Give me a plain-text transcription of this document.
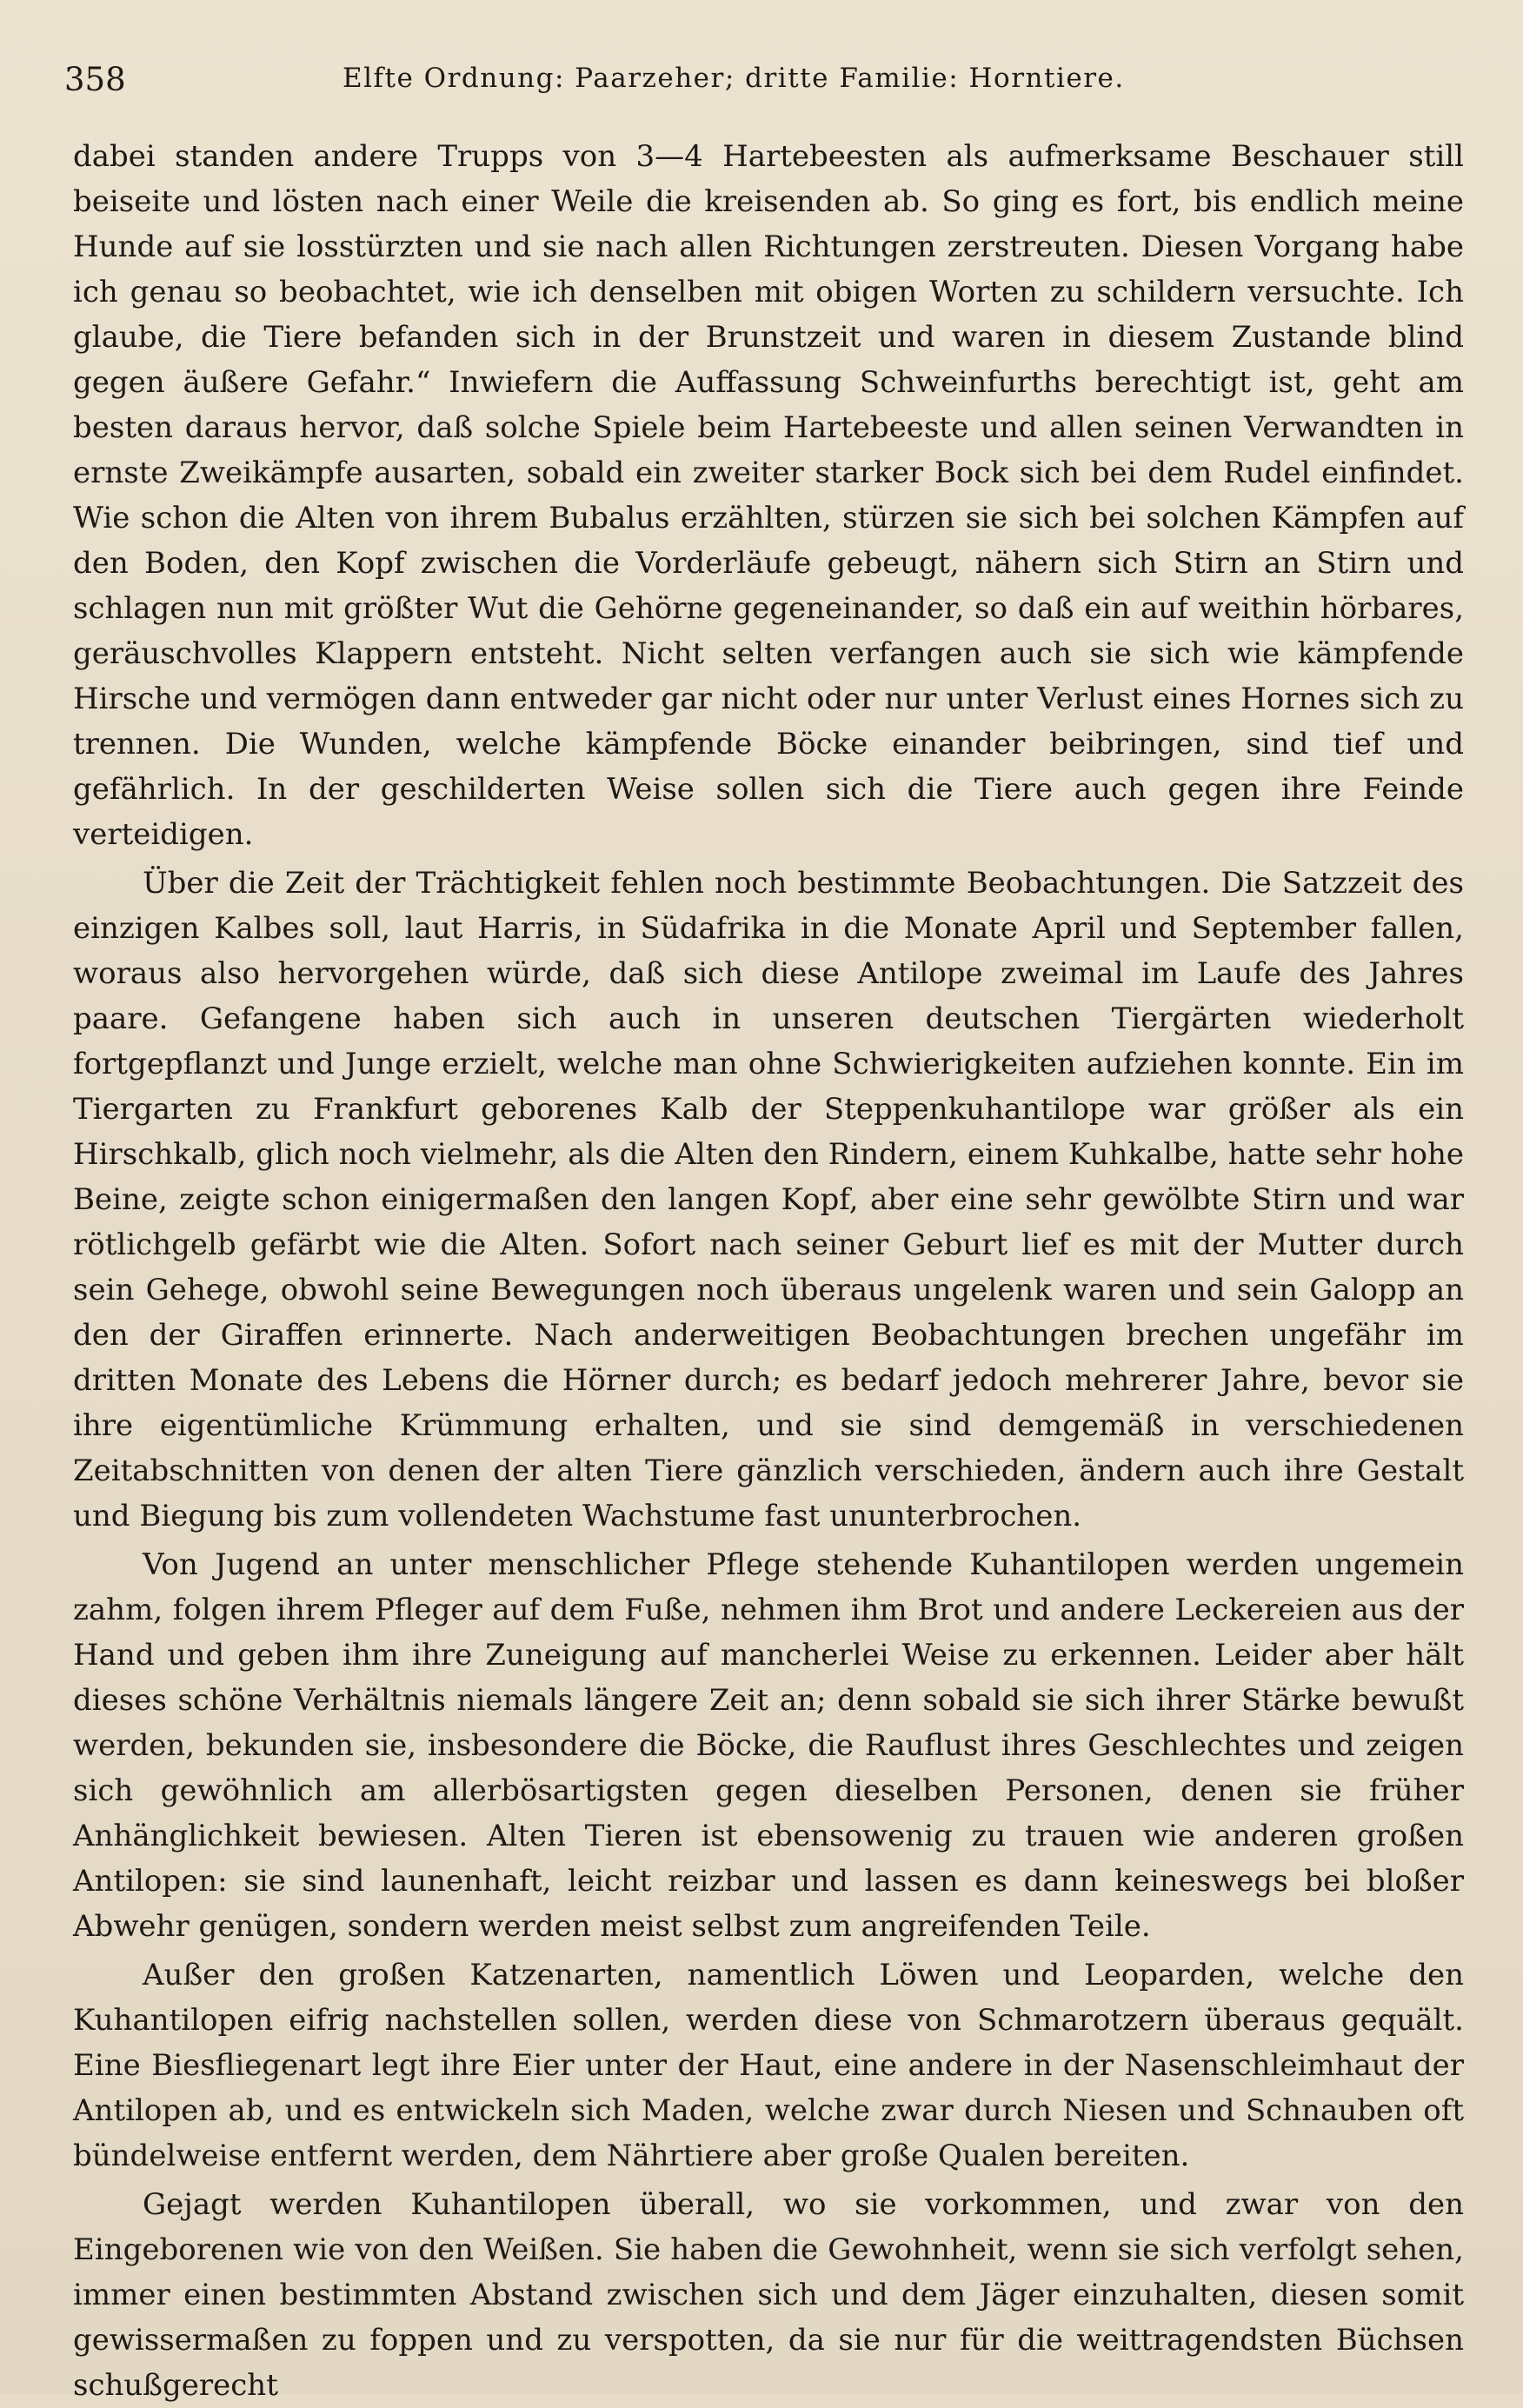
358	Elfte Ordnung: Paarzeher; dritte Familie: Horntiere.

dabei standen andere Trupps von 3—4 Hartebeesten als aufmerksame Beschauer still beiseite und lösten nach einer Weile die kreisenden ab. So ging es fort, bis endlich meine Hunde auf sie losstürzten und sie nach allen Richtungen zerstreuten. Diesen Vorgang habe ich genau so beobachtet, wie ich denselben mit obigen Worten zu schildern versuchte. Ich glaube, die Tiere befanden sich in der Brunstzeit und waren in diesem Zustande blind gegen äußere Gefahr.“ Inwiefern die Auffassung Schweinfurths berechtigt ist, geht am besten daraus hervor, daß solche Spiele beim Hartebeeste und allen seinen Verwandten in ernste Zweikämpfe ausarten, sobald ein zweiter starker Bock sich bei dem Rudel einfindet. Wie schon die Alten von ihrem Bubalus erzählten, stürzen sie sich bei solchen Kämpfen auf den Boden, den Kopf zwischen die Vorderläufe gebeugt, nähern sich Stirn an Stirn und schlagen nun mit größter Wut die Gehörne gegeneinander, so daß ein auf weithin hörbares, geräuschvolles Klappern entsteht. Nicht selten verfangen auch sie sich wie kämpfende Hirsche und vermögen dann entweder gar nicht oder nur unter Verlust eines Hornes sich zu trennen. Die Wunden, welche kämpfende Böcke einander beibringen, sind tief und gefährlich. In der geschilderten Weise sollen sich die Tiere auch gegen ihre Feinde verteidigen.

Über die Zeit der Trächtigkeit fehlen noch bestimmte Beobachtungen. Die Satzzeit des einzigen Kalbes soll, laut Harris, in Südafrika in die Monate April und September fallen, woraus also hervorgehen würde, daß sich diese Antilope zweimal im Laufe des Jahres paare. Gefangene haben sich auch in unseren deutschen Tiergärten wiederholt fortgepflanzt und Junge erzielt, welche man ohne Schwierigkeiten aufziehen konnte. Ein im Tiergarten zu Frankfurt geborenes Kalb der Steppenkuhantilope war größer als ein Hirschkalb, glich noch vielmehr, als die Alten den Rindern, einem Kuhkalbe, hatte sehr hohe Beine, zeigte schon einigermaßen den langen Kopf, aber eine sehr gewölbte Stirn und war rötlichgelb gefärbt wie die Alten. Sofort nach seiner Geburt lief es mit der Mutter durch sein Gehege, obwohl seine Bewegungen noch überaus ungelenk waren und sein Galopp an den der Giraffen erinnerte. Nach anderweitigen Beobachtungen brechen ungefähr im dritten Monate des Lebens die Hörner durch; es bedarf jedoch mehrerer Jahre, bevor sie ihre eigentümliche Krümmung erhalten, und sie sind demgemäß in verschiedenen Zeitabschnitten von denen der alten Tiere gänzlich verschieden, ändern auch ihre Gestalt und Biegung bis zum vollendeten Wachstume fast ununterbrochen.

Von Jugend an unter menschlicher Pflege stehende Kuhantilopen werden ungemein zahm, folgen ihrem Pfleger auf dem Fuße, nehmen ihm Brot und andere Leckereien aus der Hand und geben ihm ihre Zuneigung auf mancherlei Weise zu erkennen. Leider aber hält dieses schöne Verhältnis niemals längere Zeit an; denn sobald sie sich ihrer Stärke bewußt werden, bekunden sie, insbesondere die Böcke, die Rauflust ihres Geschlechtes und zeigen sich gewöhnlich am allerbösartigsten gegen dieselben Personen, denen sie früher Anhänglichkeit bewiesen. Alten Tieren ist ebensowenig zu trauen wie anderen großen Antilopen: sie sind launenhaft, leicht reizbar und lassen es dann keineswegs bei bloßer Abwehr genügen, sondern werden meist selbst zum angreifenden Teile.

Außer den großen Katzenarten, namentlich Löwen und Leoparden, welche den Kuhantilopen eifrig nachstellen sollen, werden diese von Schmarotzern überaus gequält. Eine Biesfliegenart legt ihre Eier unter der Haut, eine andere in der Nasenschleimhaut der Antilopen ab, und es entwickeln sich Maden, welche zwar durch Niesen und Schnauben oft bündelweise entfernt werden, dem Nährtiere aber große Qualen bereiten.

Gejagt werden Kuhantilopen überall, wo sie vorkommen, und zwar von den Eingeborenen wie von den Weißen. Sie haben die Gewohnheit, wenn sie sich verfolgt sehen, immer einen bestimmten Abstand zwischen sich und dem Jäger einzuhalten, diesen somit gewissermaßen zu foppen und zu verspotten, da sie nur für die weittragendsten Büchsen schußgerecht
